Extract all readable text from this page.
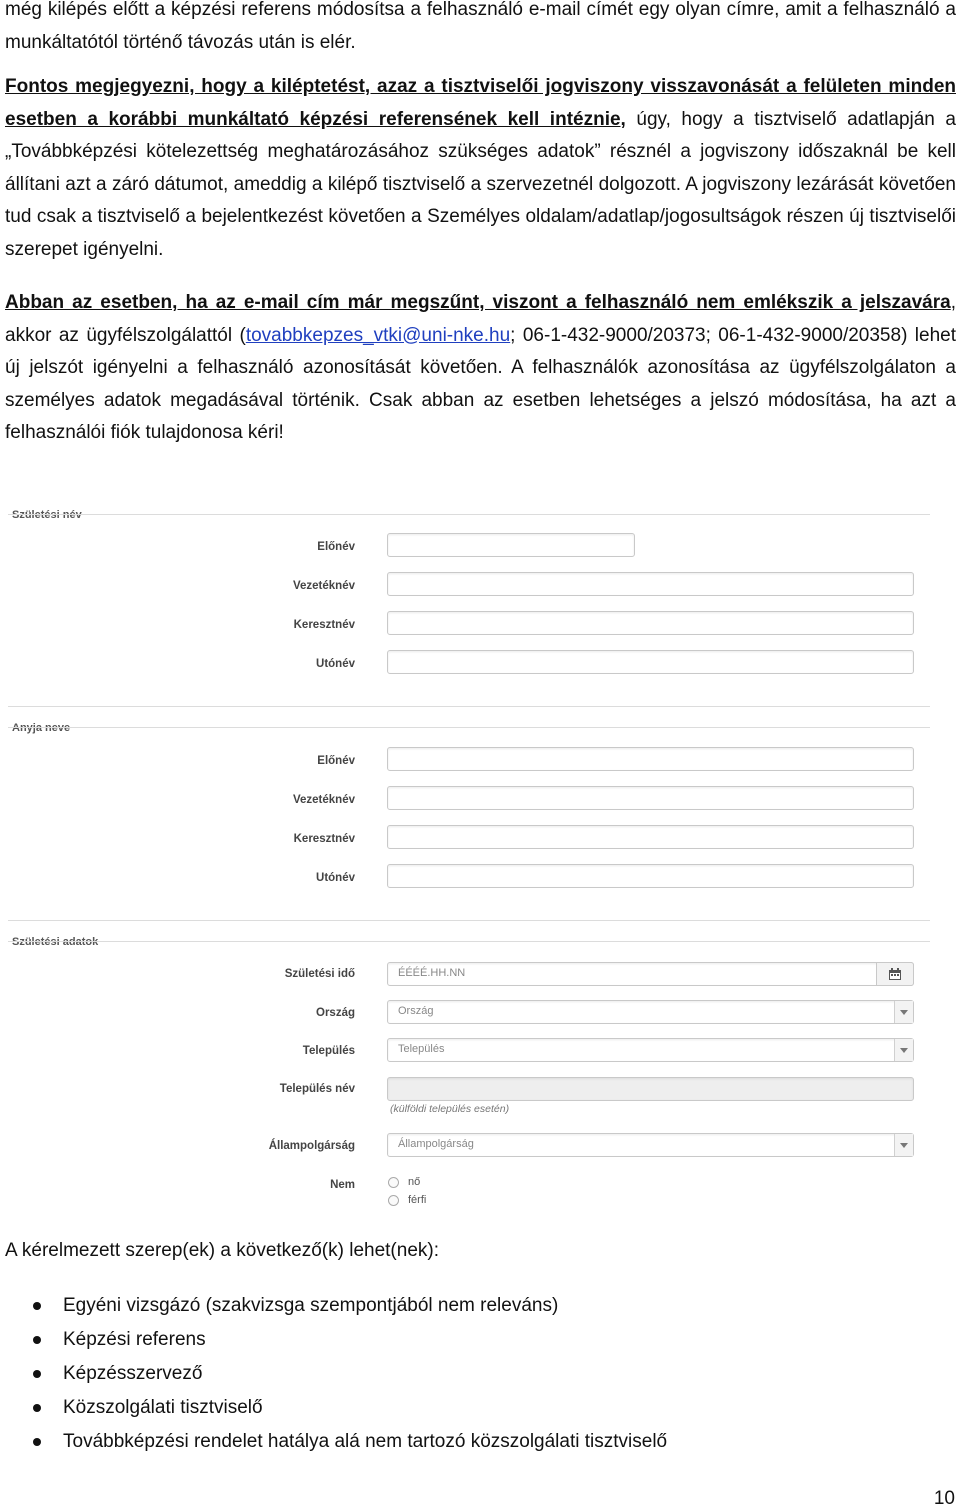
még kilépés előtt a képzési referens módosítsa a felhasználó e-mail címét egy olyan címre, amit a felhasználó a munkáltatótól történő távozás után is elér.
Fontos megjegyezni, hogy a kiléptetést, azaz a tisztviselői jogviszony visszavonását a felületen minden esetben a korábbi munkáltató képzési referensének kell intéznie, úgy, hogy a tisztviselő adatlapján a „Továbbképzési kötelezettség meghatározásához szükséges adatok” résznél a jogviszony időszaknál be kell állítani azt a záró dátumot, ameddig a kilépő tisztviselő a szervezetnél dolgozott. A jogviszony lezárását követően tud csak a tisztviselő a bejelentkezést követően a Személyes oldalam/adatlap/jogosultságok részen új tisztviselői szerepet igényelni.
Abban az esetben, ha az e-mail cím már megszűnt, viszont a felhasználó nem emlékszik a jelszavára, akkor az ügyfélszolgálattól (tovabbkepzes_vtki@uni-nke.hu; 06-1-432-9000/20373; 06-1-432-9000/20358) lehet új jelszót igényelni a felhasználó azonosítását követően. A felhasználók azonosítása az ügyfélszolgálaton a személyes adatok megadásával történik. Csak abban az esetben lehetséges a jelszó módosítása, ha azt a felhasználói fiók tulajdonosa kéri!
Születési név
Előnév
Vezetéknév
Keresztnév
Utónév
Anyja neve
Előnév
Vezetéknév
Keresztnév
Utónév
Születési adatok
Születési idő	ÉÉÉÉ.HH.NN
Ország	Ország
Település	Település
Település név
(külföldi település esetén)
Állampolgárság	Állampolgárság
Nem	nő
férfi
A kérelmezett szerep(ek) a következő(k) lehet(nek):
Egyéni vizsgázó (szakvizsga szempontjából nem releváns)
Képzési referens
Képzésszervező
Közszolgálati tisztviselő
Továbbképzési rendelet hatálya alá nem tartozó közszolgálati tisztviselő
10
